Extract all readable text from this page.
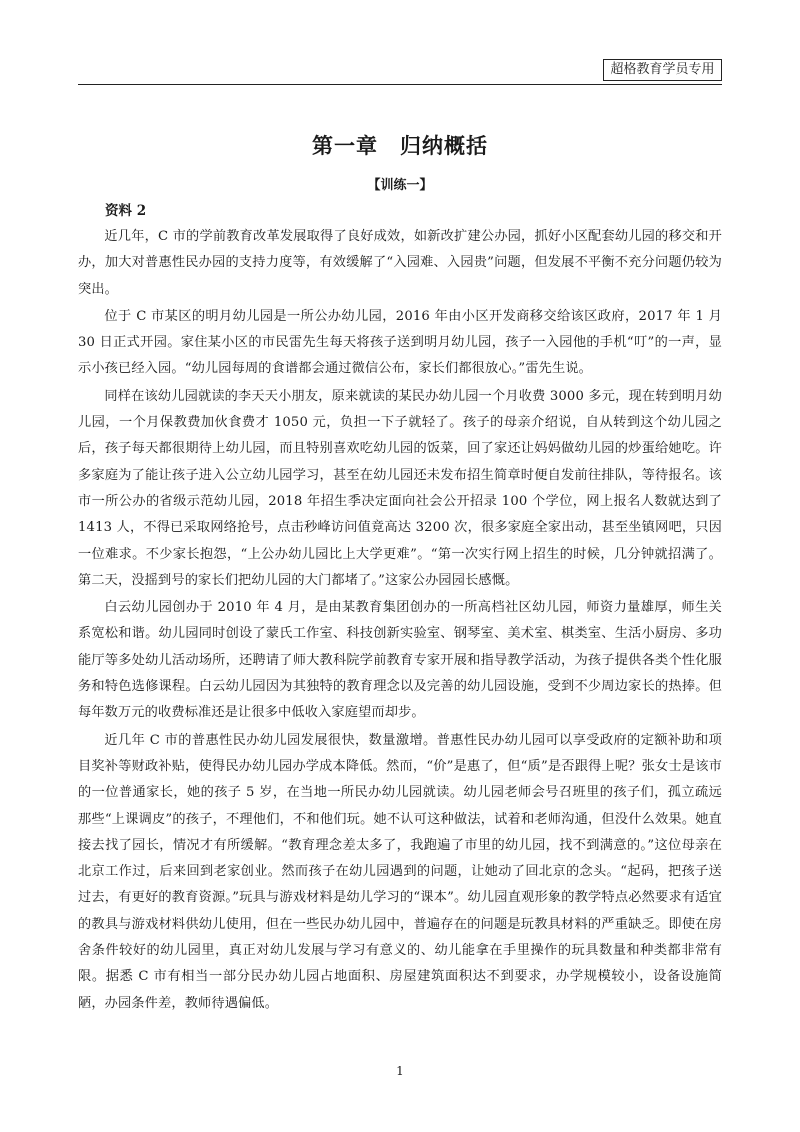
超格教育学员专用
第一章　归纳概括
【训练一】

资料 2

近几年，C 市的学前教育改革发展取得了良好成效，如新改扩建公办园，抓好小区配套幼儿园的移交和开办，加大对普惠性民办园的支持力度等，有效缓解了“入园难、入园贵”问题，但发展不平衡不充分问题仍较为突出。

位于 C 市某区的明月幼儿园是一所公办幼儿园，2016 年由小区开发商移交给该区政府，2017 年 1 月 30 日正式开园。家住某小区的市民雷先生每天将孩子送到明月幼儿园，孩子一入园他的手机“叮”的一声，显示小孩已经入园。“幼儿园每周的食谱都会通过微信公布，家长们都很放心。”雷先生说。

同样在该幼儿园就读的李天天小朋友，原来就读的某民办幼儿园一个月收费 3000 多元，现在转到明月幼儿园，一个月保教费加伙食费才 1050 元，负担一下子就轻了。孩子的母亲介绍说，自从转到这个幼儿园之后，孩子每天都很期待上幼儿园，而且特别喜欢吃幼儿园的饭菜，回了家还让妈妈做幼儿园的炒蛋给她吃。许多家庭为了能让孩子进入公立幼儿园学习，甚至在幼儿园还未发布招生简章时便自发前往排队，等待报名。该市一所公办的省级示范幼儿园，2018 年招生季决定面向社会公开招录 100 个学位，网上报名人数就达到了 1413 人，不得已采取网络抢号，点击秒峰访问值竟高达 3200 次，很多家庭全家出动，甚至坐镇网吧，只因一位难求。不少家长抱怨，“上公办幼儿园比上大学更难”。“第一次实行网上招生的时候，几分钟就招满了。第二天，没摇到号的家长们把幼儿园的大门都堵了。”这家公办园园长感慨。

白云幼儿园创办于 2010 年 4 月，是由某教育集团创办的一所高档社区幼儿园，师资力量雄厚，师生关系宽松和谐。幼儿园同时创设了蒙氏工作室、科技创新实验室、钢琴室、美术室、棋类室、生活小厨房、多功能厅等多处幼儿活动场所，还聘请了师大教科院学前教育专家开展和指导教学活动，为孩子提供各类个性化服务和特色选修课程。白云幼儿园因为其独特的教育理念以及完善的幼儿园设施，受到不少周边家长的热捧。但每年数万元的收费标准还是让很多中低收入家庭望而却步。

近几年 C 市的普惠性民办幼儿园发展很快，数量激增。普惠性民办幼儿园可以享受政府的定额补助和项目奖补等财政补贴，使得民办幼儿园办学成本降低。然而，“价”是惠了，但“质”是否跟得上呢？张女士是该市的一位普通家长，她的孩子 5 岁，在当地一所民办幼儿园就读。幼儿园老师会号召班里的孩子们，孤立疏远那些“上课调皮”的孩子，不理他们，不和他们玩。她不认可这种做法，试着和老师沟通，但没什么效果。她直接去找了园长，情况才有所缓解。“教育理念差太多了，我跑遍了市里的幼儿园，找不到满意的。”这位母亲在北京工作过，后来回到老家创业。然而孩子在幼儿园遇到的问题，让她动了回北京的念头。“起码，把孩子送过去，有更好的教育资源。”玩具与游戏材料是幼儿学习的“课本”。幼儿园直观形象的教学特点必然要求有适宜的教具与游戏材料供幼儿使用，但在一些民办幼儿园中，普遍存在的问题是玩教具材料的严重缺乏。即使在房舍条件较好的幼儿园里，真正对幼儿发展与学习有意义的、幼儿能拿在手里操作的玩具数量和种类都非常有限。据悉 C 市有相当一部分民办幼儿园占地面积、房屋建筑面积达不到要求，办学规模较小，设备设施简陋，办园条件差，教师待遇偏低。

1
